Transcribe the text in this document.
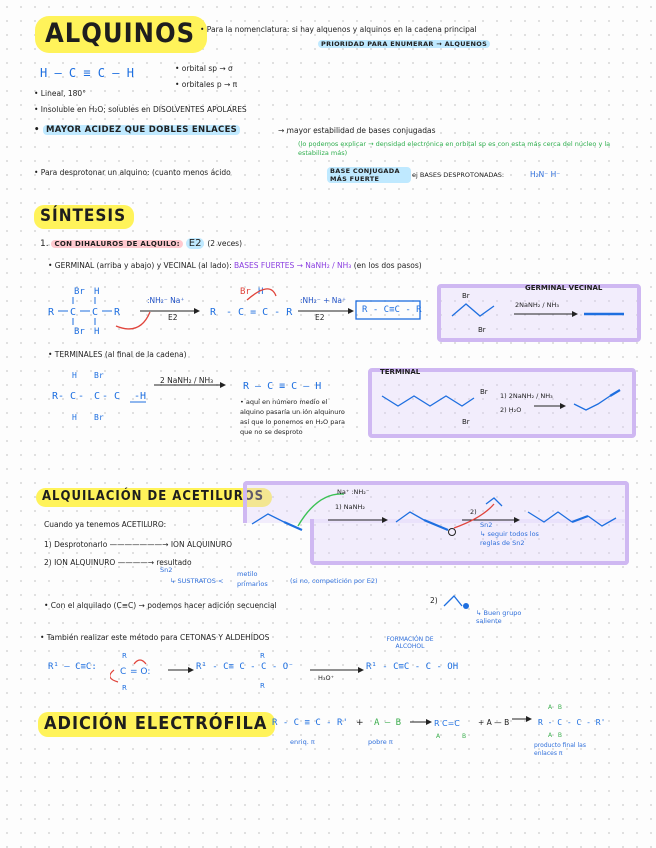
ALQUINOS • Para la nomenclatura: si hay alquenos y alquinos en la cadena principal
PRIORIDAD PARA ENUMERAR → ALQUENOS
H — C ≡ C — H	• orbital sp → σ
• orbitales p → π
• Lineal, 180°
• Insoluble en H₂O; solubles en DISOLVENTES APOLARES
• MAYOR ACIDEZ QUE DOBLES ENLACES	→ mayor estabilidad de bases conjugadas
(lo podemos explicar → densidad electrónica en orbital sp es con esta más cerca del núcleo y la estabiliza más)
• Para desprotonar un alquino: (cuanto menos ácido	BASE CONJUGADA MÁS FUERTE	ej BASES DESPROTONADAS:	H₂N⁻ H⁻
SÍNTESIS
1. CON DIHALUROS DE ALQUILO: E2 (2 veces)
• GERMINAL (arriba y abajo) y VECINAL (al lado): BASES FUERTES → NaNH₂ / NH₃ (en los dos pasos)
R C C R
Br H
Br H
R - C = C - R
Br H
:NH₂⁻ Na⁺
E2
:NH₂⁻ + Na⁺
E2
R - C≡C - R
GERMINAL VECINAL
Br
Br
2NaNH₂ / NH₃
• TERMINALES (al final de la cadena)
R- C - C - C -H
H Br
H Br
2 NaNH₂ / NH₃
R — C ≡ C — H
• aquí en número medio el alquino pasaría un ión alquinuro así que lo ponemos en H₂O para que no se desproto
TERMINAL
Br
Br
1) 2NaNH₂ / NH₃
2) H₂O
ALQUILACIÓN DE ACETILUROS
Cuando ya tenemos ACETILURO:
1) Desprotonarlo ———————→ ION ALQUINURO
2) ION ALQUINURO ————→ resultado
Sn2
↳ SUSTRATOS <
metilo
primarios	(si no, competición por E2)
Na⁺ :NH₂⁻
1) NaNH₂
2)
Sn2
↳ seguir todos los reglas de Sn2
• Con el alquilado (C≡C) → podemos hacer adición secuencial
2)
↳ Buen grupo saliente
• También realizar este método para CETONAS Y ALDEHÍDOS	FORMACIÓN DE ALCOHOL
R¹ — C≡C:
R
C = O:
R
R
R
R¹ - C≡ C - C - O⁻
H₃O⁺
R¹ - C≡C - C - OH
ADICIÓN ELECTRÓFILA R - C ≡ C - R' + A — B
enriq. π	pobre π
R C=C
A	B
+ A — B	R - C - C - R'
A   B
A   B
producto final las enlaces π
